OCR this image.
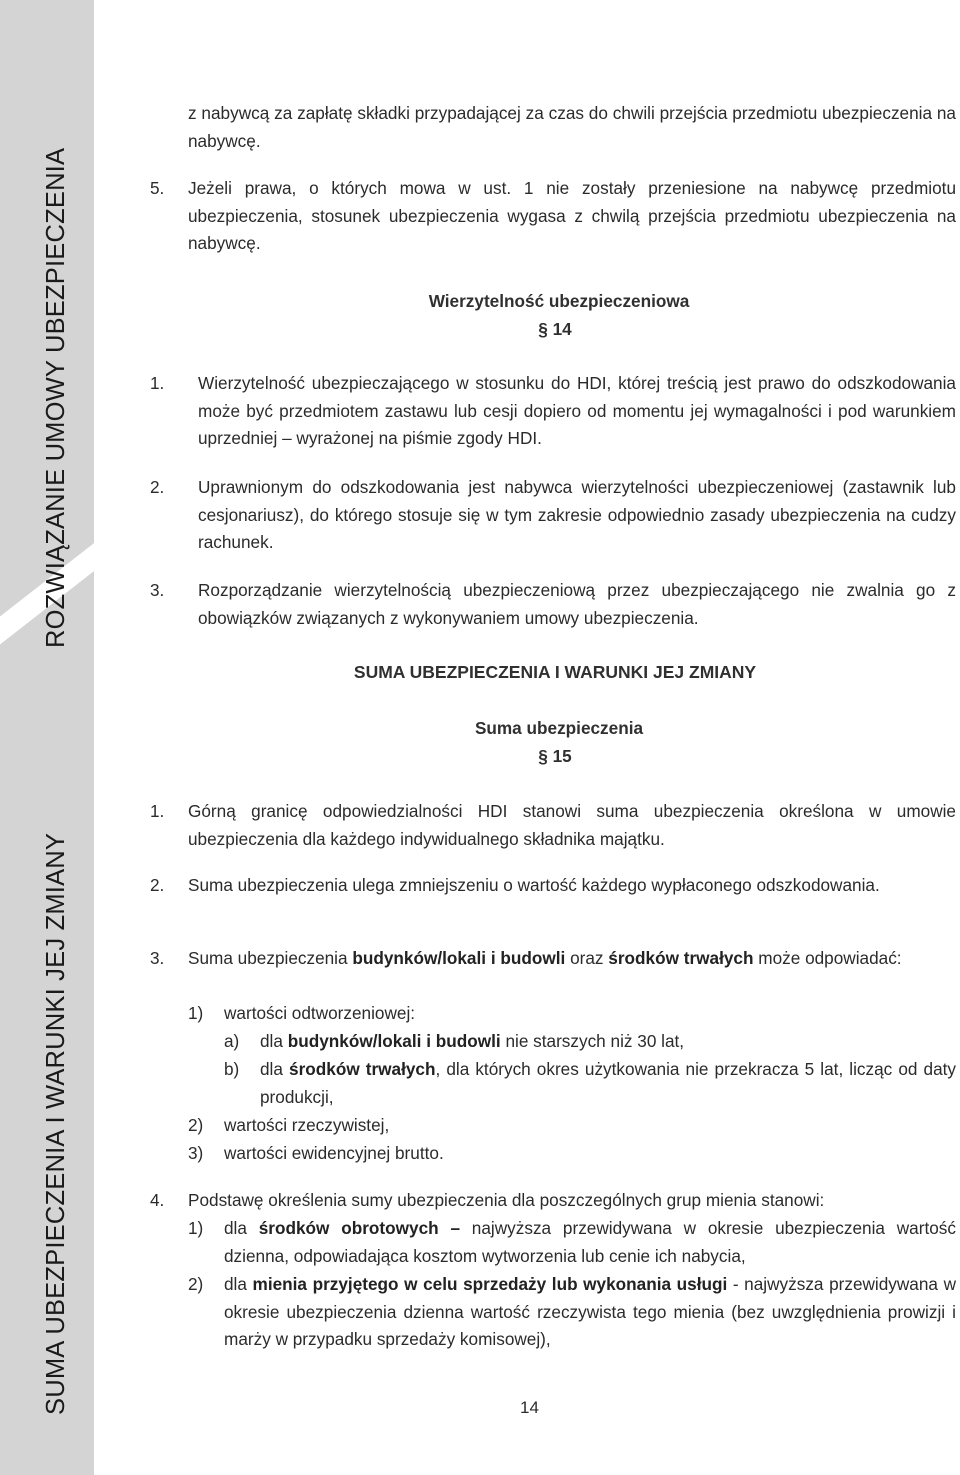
ROZWIĄZANIE UMOWY UBEZPIECZENIA
SUMA UBEZPIECZENIA I WARUNKI JEJ ZMIANY
z nabywcą za zapłatę składki przypadającej za czas do chwili przejścia przedmiotu ubezpieczenia na nabywcę.
5. Jeżeli prawa, o których mowa w ust. 1 nie zostały przeniesione na nabywcę przedmiotu ubezpieczenia, stosunek ubezpieczenia wygasa z chwilą przejścia przedmiotu ubezpieczenia na nabywcę.
Wierzytelność ubezpieczeniowa
§ 14
1. Wierzytelność ubezpieczającego w stosunku do HDI, której treścią jest prawo do odszkodowania może być przedmiotem zastawu lub cesji dopiero od momentu jej wymagalności i pod warunkiem uprzedniej – wyrażonej na piśmie zgody HDI.
2. Uprawnionym do odszkodowania jest nabywca wierzytelności ubezpieczeniowej (zastawnik lub cesjonariusz), do którego stosuje się w tym zakresie odpowiednio zasady ubezpieczenia na cudzy rachunek.
3. Rozporządzanie wierzytelnością ubezpieczeniową przez ubezpieczającego nie zwalnia go z obowiązków związanych z wykonywaniem umowy ubezpieczenia.
SUMA UBEZPIECZENIA I WARUNKI JEJ ZMIANY
Suma ubezpieczenia
§ 15
1. Górną granicę odpowiedzialności HDI stanowi suma ubezpieczenia określona w umowie ubezpieczenia dla każdego indywidualnego składnika majątku.
2. Suma ubezpieczenia ulega zmniejszeniu o wartość każdego wypłaconego odszkodowania.
3. Suma ubezpieczenia budynków/lokali i budowli oraz środków trwałych może odpowiadać:
1) wartości odtworzeniowej:
a) dla budynków/lokali i budowli nie starszych niż 30 lat,
b) dla środków trwałych, dla których okres użytkowania nie przekracza 5 lat, licząc od daty produkcji,
2) wartości rzeczywistej,
3) wartości ewidencyjnej brutto.
4. Podstawę określenia sumy ubezpieczenia dla poszczególnych grup mienia stanowi:
1) dla środków obrotowych – najwyższa przewidywana w okresie ubezpieczenia wartość dzienna, odpowiadająca kosztom wytworzenia lub cenie ich nabycia,
2) dla mienia przyjętego w celu sprzedaży lub wykonania usługi - najwyższa przewidywana w okresie ubezpieczenia dzienna wartość rzeczywista tego mienia (bez uwzględnienia prowizji i marży w przypadku sprzedaży komisowej),
14
